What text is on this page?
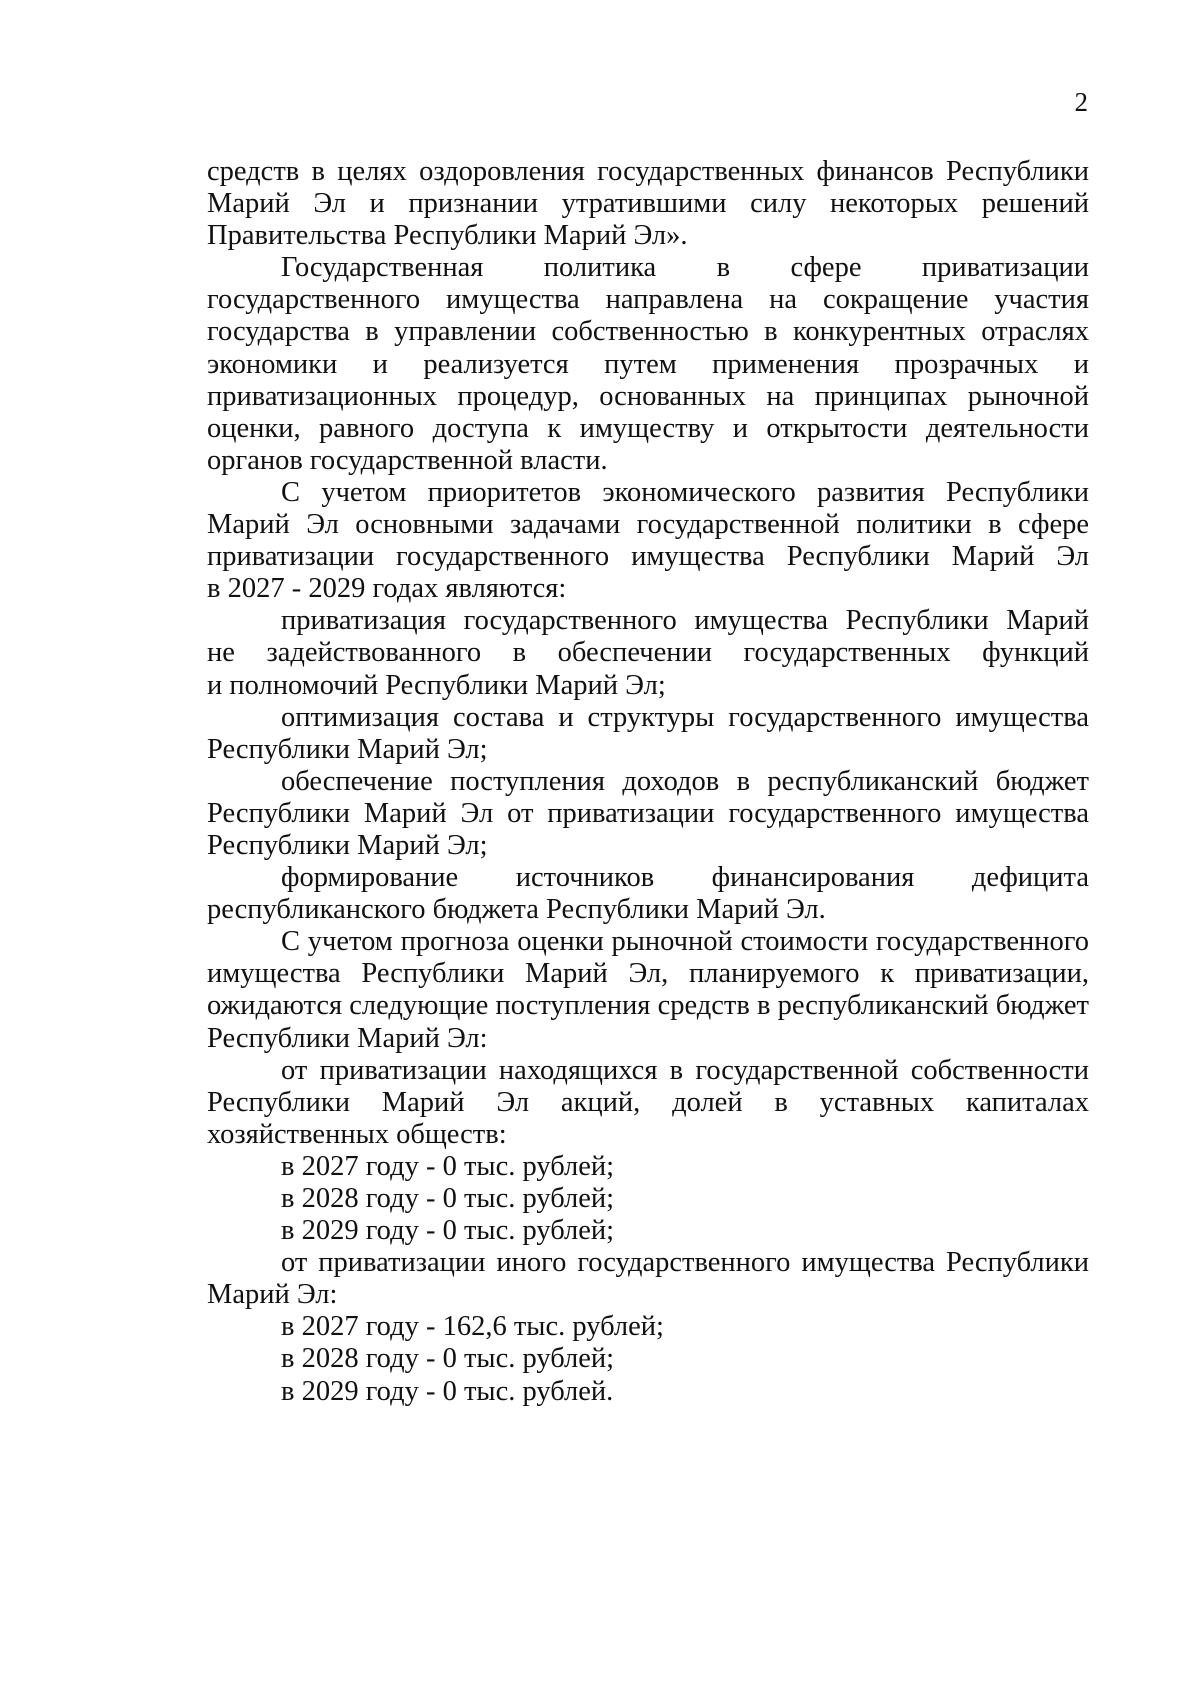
2
средств в целях оздоровления государственных финансов Республики
Марий Эл и признании утратившими силу некоторых решений
Правительства Республики Марий Эл».
Государственная политика в сфере приватизации
государственного имущества направлена на сокращение участия
государства в управлении собственностью в конкурентных отраслях
экономики и реализуется путем применения прозрачных и
приватизационных процедур, основанных на принципах рыночной
оценки, равного доступа к имуществу и открытости деятельности
органов государственной власти.
С учетом приоритетов экономического развития Республики
Марий Эл основными задачами государственной политики в сфере
приватизации государственного имущества Республики Марий Эл
в 2027 - 2029 годах являются:
приватизация государственного имущества Республики Марий
не задействованного в обеспечении государственных функций
и полномочий Республики Марий Эл;
оптимизация состава и структуры государственного имущества
Республики Марий Эл;
обеспечение поступления доходов в республиканский бюджет
Республики Марий Эл от приватизации государственного имущества
Республики Марий Эл;
формирование источников финансирования дефицита
республиканского бюджета Республики Марий Эл.
С учетом прогноза оценки рыночной стоимости государственного
имущества Республики Марий Эл, планируемого к приватизации,
ожидаются следующие поступления средств в республиканский бюджет
Республики Марий Эл:
от приватизации находящихся в государственной собственности
Республики Марий Эл акций, долей в уставных капиталах
хозяйственных обществ:
в 2027 году - 0 тыс. рублей;
в 2028 году - 0 тыс. рублей;
в 2029 году - 0 тыс. рублей;
от приватизации иного государственного имущества Республики
Марий Эл:
в 2027 году - 162,6 тыс. рублей;
в 2028 году - 0 тыс. рублей;
в 2029 году - 0 тыс. рублей.
